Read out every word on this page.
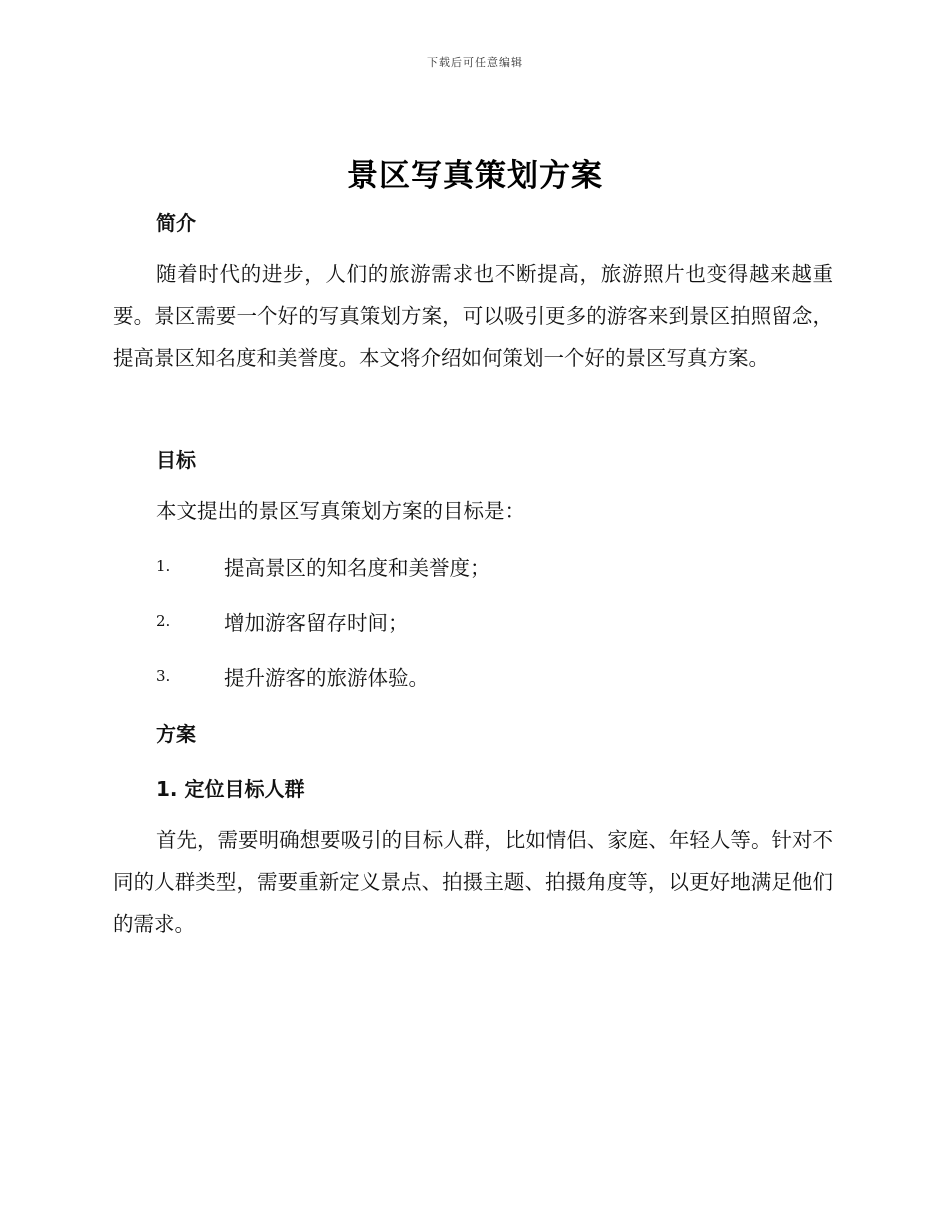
下载后可任意编辑
景区写真策划方案
简介

随着时代的进步，人们的旅游需求也不断提高，旅游照片也变得越来越重要。景区需要一个好的写真策划方案，可以吸引更多的游客来到景区拍照留念，提高景区知名度和美誉度。本文将介绍如何策划一个好的景区写真方案。

目标

本文提出的景区写真策划方案的目标是：

1.	提高景区的知名度和美誉度；
2.	增加游客留存时间；
3.	提升游客的旅游体验。
方案
1. 定位目标人群

首先，需要明确想要吸引的目标人群，比如情侣、家庭、年轻人等。针对不同的人群类型，需要重新定义景点、拍摄主题、拍摄角度等，以更好地满足他们的需求。
